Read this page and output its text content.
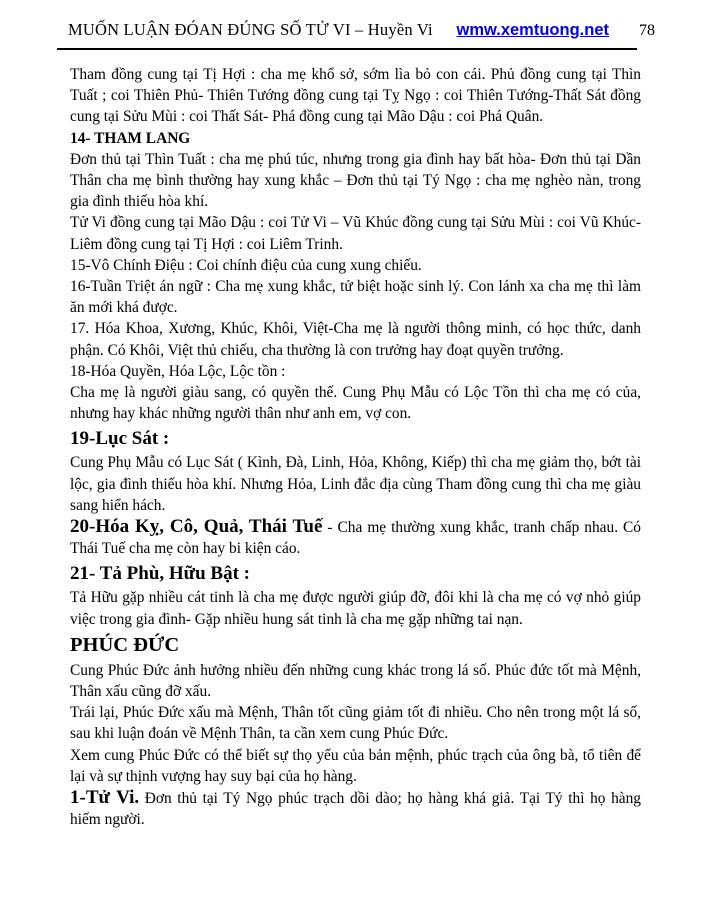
MUỐN LUẬN ĐÓAN ĐÚNG SỐ TỬ VI – Huyền Vi wmw.xemtuong.net 78

Tham đồng cung tại Tị Hợi : cha mẹ khổ sở, sớm lìa bỏ con cái. Phủ đồng cung tại Thìn Tuất ; coi Thiên Phủ- Thiên Tướng đồng cung tại Tỵ Ngọ : coi Thiên Tướng-Thất Sát đồng cung tại Sửu Mùi : coi Thất Sát- Phá đồng cung tại Mão Dậu : coi Phá Quân.

14- THAM LANG

Đơn thủ tại Thìn Tuất : cha mẹ phú túc, nhưng trong gia đình hay bất hòa- Đơn thủ tại Dần Thân cha mẹ bình thường hay xung khắc – Đơn thủ tại Tý Ngọ : cha mẹ nghèo nàn, trong gia đình thiếu hòa khí.

Tử Vi đồng cung tại Mão Dậu : coi Tử Vi – Vũ Khúc đồng cung tại Sửu Mùi : coi Vũ Khúc- Liêm đồng cung tại Tị Hợi : coi Liêm Trinh.

15-Vô Chính Điệu : Coi chính điệu của cung xung chiếu.

16-Tuần Triệt án ngữ : Cha mẹ xung khắc, tử biệt hoặc sinh lý. Con lánh xa cha mẹ thì làm ăn mới khá được.

17. Hóa Khoa, Xương, Khúc, Khôi, Việt-Cha mẹ là người thông minh, có học thức, danh phận. Có Khôi, Việt thủ chiếu, cha thường là con trưởng hay đoạt quyền trưởng.

18-Hóa Quyền, Hóa Lộc, Lộc tồn :

Cha mẹ là người giàu sang, có quyền thế. Cung Phụ Mẫu có Lộc Tồn thì cha mẹ có của, nhưng hay khác những người thân như anh em, vợ con.

19-Lục Sát :

Cung Phụ Mẫu có Lục Sát ( Kình, Đà, Linh, Hỏa, Không, Kiếp) thì cha mẹ giảm thọ, bớt tài lộc, gia đình thiếu hòa khí. Nhưng Hỏa, Linh đắc địa cùng Tham đồng cung thì cha mẹ giàu sang hiển hách.

20-Hóa Kỵ, Cô, Quả, Thái Tuế - Cha mẹ thường xung khắc, tranh chấp nhau. Có Thái Tuế cha mẹ còn hay bi kiện cáo.

21- Tả Phù, Hữu Bật :

Tả Hữu gặp nhiều cát tinh là cha mẹ được người giúp đỡ, đôi khi là cha mẹ có vợ nhỏ giúp việc trong gia đình- Gặp nhiều hung sát tinh là cha mẹ gặp những tai nạn.

PHÚC ĐỨC

Cung Phúc Đức ảnh hưởng nhiều đến những cung khác trong lá số. Phúc đức tốt mà Mệnh, Thân xấu cũng đỡ xấu.

Trái lại, Phúc Đức xấu mà Mệnh, Thân tốt cũng giảm tốt đi nhiều. Cho nên trong một lá số, sau khi luận đoán về Mệnh Thân, ta cần xem cung Phúc Đức.

Xem cung Phúc Đức có thể biết sự thọ yểu của bản mệnh, phúc trạch của ông bà, tổ tiên để lại và sự thịnh vượng hay suy bại của họ hàng.

1-Tử Vi. Đơn thủ tại Tý Ngọ phúc trạch dồi dào; họ hàng khá giả. Tại Tý thì họ hàng hiếm người.
